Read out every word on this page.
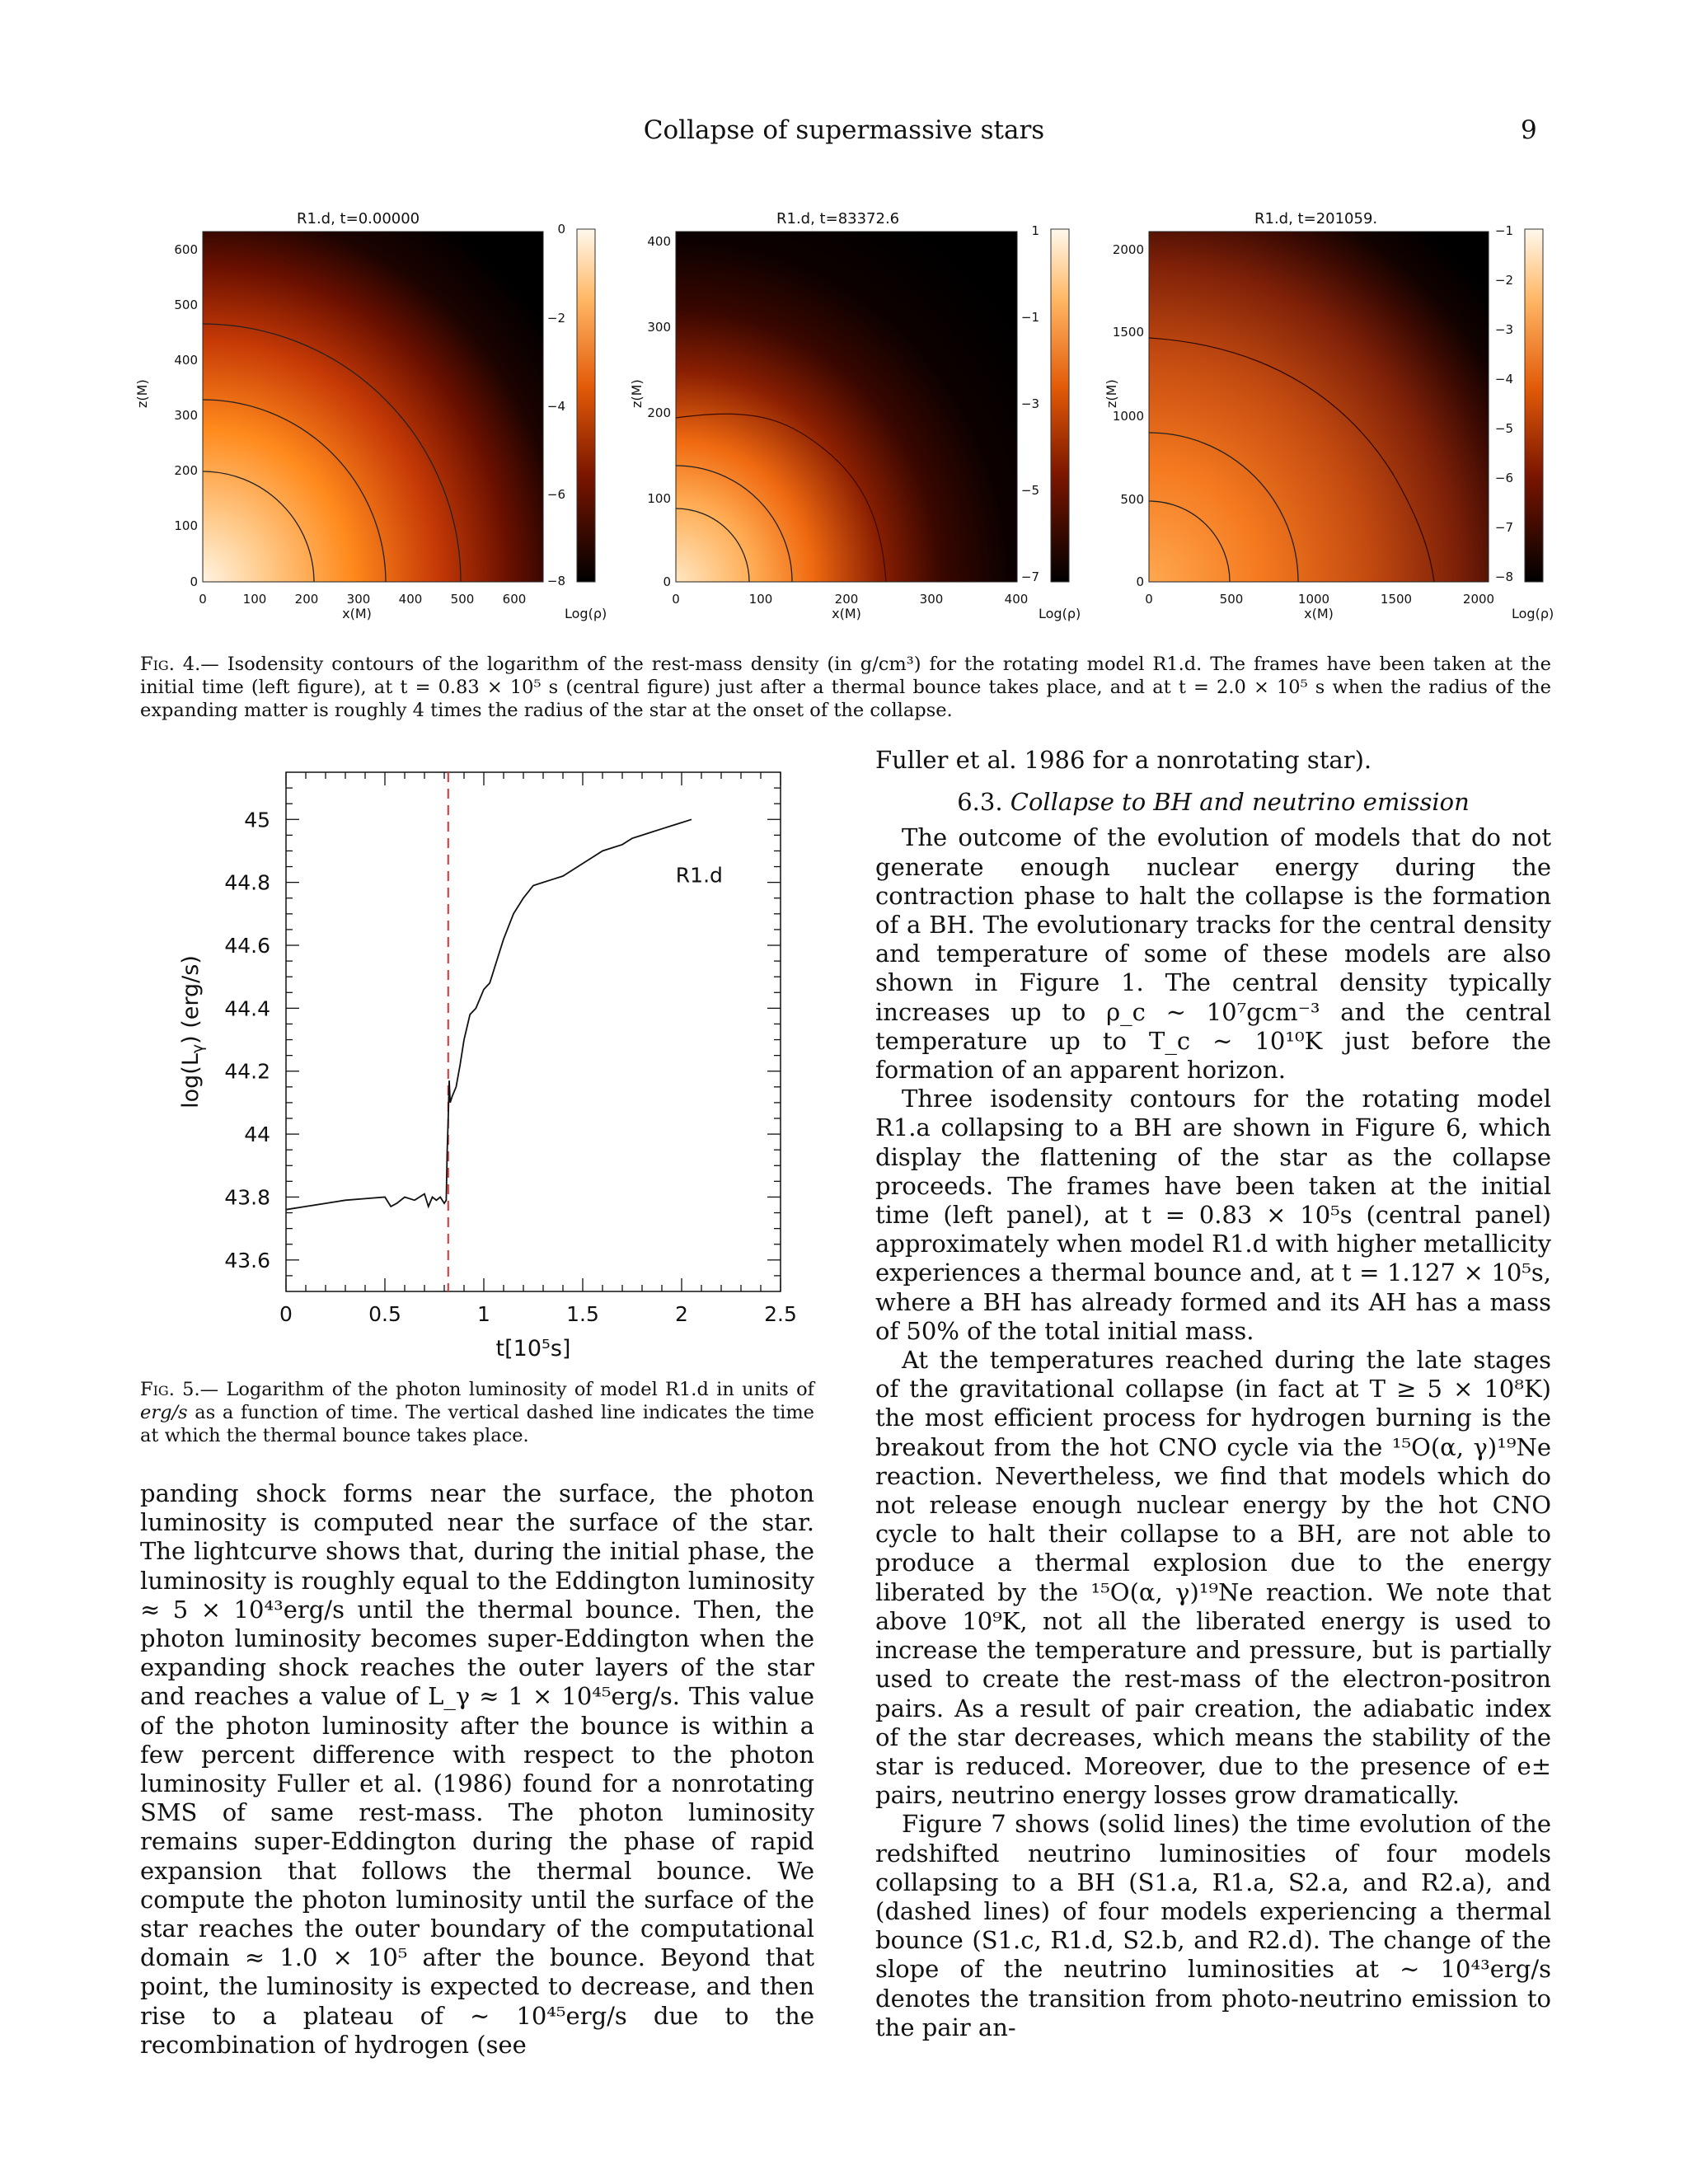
Collapse of supermassive stars	9
R1.d, t=0.00000
z(M)
x(M)
0	100 200 300 400 500 600
0
100
200
300
400
500
600
0
−2
−4
−6
−8
Log(ρ)
R1.d, t=83372.6
z(M)
x(M)
0	100	200	300	400
0
100
200
300
400
1
−1
−3
−5
−7
Log(ρ)
R1.d, t=201059.
z(M)
x(M)
0	500	1000	1500	2000
0
500
1000
1500
2000
−1
−2
−3
−4
−5
−6
−7
−8
Log(ρ)
Fig. 4.— Isodensity contours of the logarithm of the rest-mass density (in g/cm³) for the rotating model R1.d. The frames have been taken at the initial time (left figure), at t = 0.83 × 10⁵ s (central figure) just after a thermal bounce takes place, and at t = 2.0 × 10⁵ s when the radius of the expanding matter is roughly 4 times the radius of the star at the onset of the collapse.
0	0.5	1	1.5	2	2.5
43.6
43.8
44
44.2
44.4
44.6
44.8
45
R1.d
t[10⁵s]
$\log(L_\gamma)$ (erg/s)
Fig. 5.— Logarithm of the photon luminosity of model R1.d in units of erg/s as a function of time. The vertical dashed line indicates the time at which the thermal bounce takes place.

panding shock forms near the surface, the photon luminosity is computed near the surface of the star. The lightcurve shows that, during the initial phase, the luminosity is roughly equal to the Eddington luminosity ≈ 5 × 10⁴³erg/s until the thermal bounce. Then, the photon luminosity becomes super-Eddington when the expanding shock reaches the outer layers of the star and reaches a value of L_γ ≈ 1 × 10⁴⁵erg/s. This value of the photon luminosity after the bounce is within a few percent difference with respect to the photon luminosity Fuller et al. (1986) found for a nonrotating SMS of same rest-mass. The photon luminosity remains super-Eddington during the phase of rapid expansion that follows the thermal bounce. We compute the photon luminosity until the surface of the star reaches the outer boundary of the computational domain ≈ 1.0 × 10⁵ after the bounce. Beyond that point, the luminosity is expected to decrease, and then rise to a plateau of ∼ 10⁴⁵erg/s due to the recombination of hydrogen (see

Fuller et al. 1986 for a nonrotating star).

6.3. Collapse to BH and neutrino emission

The outcome of the evolution of models that do not generate enough nuclear energy during the contraction phase to halt the collapse is the formation of a BH. The evolutionary tracks for the central density and temperature of some of these models are also shown in Figure 1. The central density typically increases up to ρ_c ∼ 10⁷gcm⁻³ and the central temperature up to T_c ∼ 10¹⁰K just before the formation of an apparent horizon.

Three isodensity contours for the rotating model R1.a collapsing to a BH are shown in Figure 6, which display the flattening of the star as the collapse proceeds. The frames have been taken at the initial time (left panel), at t = 0.83 × 10⁵s (central panel) approximately when model R1.d with higher metallicity experiences a thermal bounce and, at t = 1.127 × 10⁵s, where a BH has already formed and its AH has a mass of 50% of the total initial mass.

At the temperatures reached during the late stages of the gravitational collapse (in fact at T ≥ 5 × 10⁸K) the most efficient process for hydrogen burning is the breakout from the hot CNO cycle via the ¹⁵O(α, γ)¹⁹Ne reaction. Nevertheless, we find that models which do not release enough nuclear energy by the hot CNO cycle to halt their collapse to a BH, are not able to produce a thermal explosion due to the energy liberated by the ¹⁵O(α, γ)¹⁹Ne reaction. We note that above 10⁹K, not all the liberated energy is used to increase the temperature and pressure, but is partially used to create the rest-mass of the electron-positron pairs. As a result of pair creation, the adiabatic index of the star decreases, which means the stability of the star is reduced. Moreover, due to the presence of e± pairs, neutrino energy losses grow dramatically.

Figure 7 shows (solid lines) the time evolution of the redshifted neutrino luminosities of four models collapsing to a BH (S1.a, R1.a, S2.a, and R2.a), and (dashed lines) of four models experiencing a thermal bounce (S1.c, R1.d, S2.b, and R2.d). The change of the slope of the neutrino luminosities at ∼ 10⁴³erg/s denotes the transition from photo-neutrino emission to the pair an-
